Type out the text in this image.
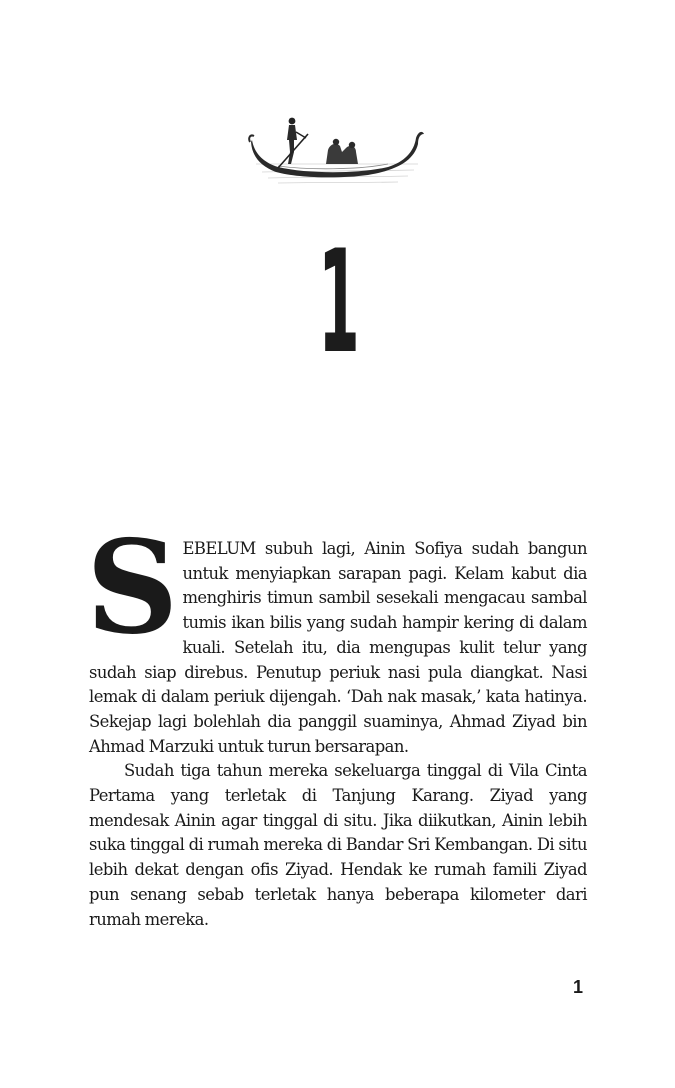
1

SEBELUM subuh lagi, Ainin Sofiya sudah bangun untuk menyiapkan sarapan pagi. Kelam kabut dia menghiris timun sambil sesekali mengacau sambal tumis ikan bilis yang sudah hampir kering di dalam kuali. Setelah itu, dia mengupas kulit telur yang sudah siap direbus. Penutup periuk nasi pula diangkat. Nasi lemak di dalam periuk dijengah. ‘Dah nak masak,’ kata hatinya. Sekejap lagi bolehlah dia panggil suaminya, Ahmad Ziyad bin Ahmad Marzuki untuk turun bersarapan.

Sudah tiga tahun mereka sekeluarga tinggal di Vila Cinta Pertama yang terletak di Tanjung Karang. Ziyad yang mendesak Ainin agar tinggal di situ. Jika diikutkan, Ainin lebih suka tinggal di rumah mereka di Bandar Sri Kembangan. Di situ lebih dekat dengan ofis Ziyad. Hendak ke rumah famili Ziyad pun senang sebab terletak hanya beberapa kilometer dari rumah mereka.

1
